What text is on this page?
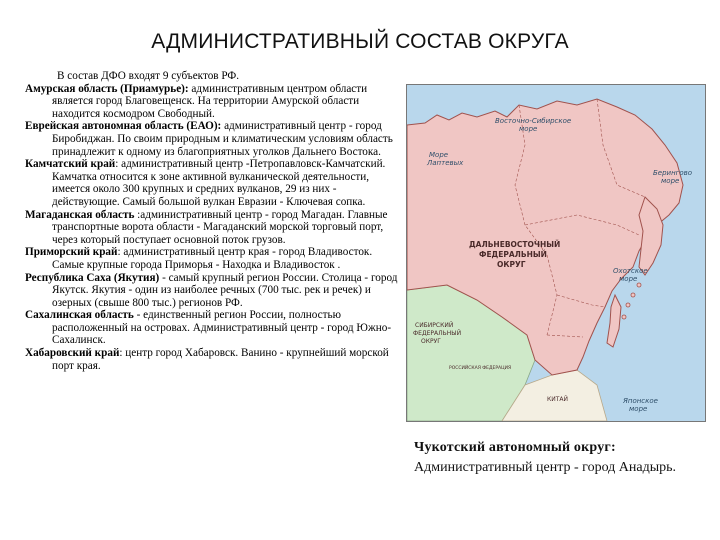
АДМИНИСТРАТИВНЫЙ СОСТАВ ОКРУГА
В состав ДФО входят 9 субъектов РФ.

Амурская область (Приамурье): административным центром области является город Благовещенск. На территории Амурской области находится космодром Свободный.

Еврейская автономная область (ЕАО): административный центр - город Биробиджан. По своим природным и климатическим условиям область принадлежит к одному из благоприятных уголков Дальнего Востока.

Камчатский край: административный центр -Петропавловск-Камчатский. Камчатка относится к зоне активной вулканической деятельности, имеется около 300 крупных и средних вулканов, 29 из них - действующие. Самый большой вулкан Евразии - Ключевая сопка.

Магаданская область :административный центр - город Магадан. Главные транспортные ворота области - Магаданский морской торговый порт, через который поступает основной поток грузов.

Приморский край: административный центр края - город Владивосток. Самые крупные города Приморья - Находка и Владивосток .

Республика Саха (Якутия) - самый крупный регион России. Столица - город Якутск. Якутия - один из наиболее речных (700 тыс. рек и речек) и озерных (свыше 800 тыс.) регионов РФ.

Сахалинская область - единственный регион России, полностью расположенный на островах. Административный центр - город Южно-Сахалинск.

Хабаровский край: центр город Хабаровск. Ванино - крупнейший морской порт края.

Восточно-Сибирское море
Море Лаптевых
Берингово море
ДАЛЬНЕВОСТОЧНЫЙ ФЕДЕРАЛЬНЫЙ ОКРУГ
СИБИРСКИЙ ФЕДЕРАЛЬНЫЙ ОКРУГ
Охотское море
Японское море
КИТАЙ
РОССИЙСКАЯ ФЕДЕРАЦИЯ
Чукотский автономный округ:
Административный центр - город Анадырь.
